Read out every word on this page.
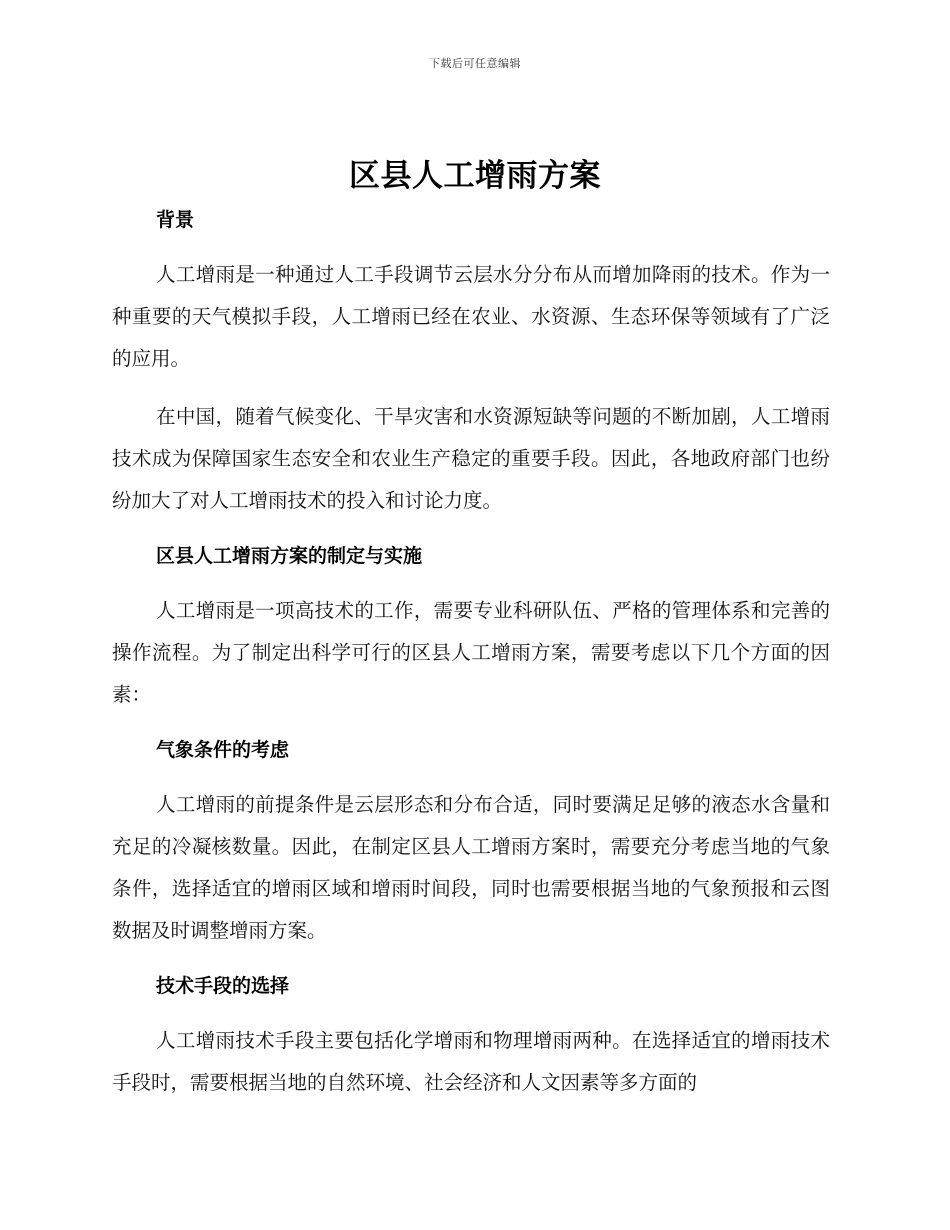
下载后可任意编辑
区县人工增雨方案
背景

人工增雨是一种通过人工手段调节云层水分分布从而增加降雨的技术。作为一种重要的天气模拟手段，人工增雨已经在农业、水资源、生态环保等领域有了广泛的应用。

在中国，随着气候变化、干旱灾害和水资源短缺等问题的不断加剧，人工增雨技术成为保障国家生态安全和农业生产稳定的重要手段。因此，各地政府部门也纷纷加大了对人工增雨技术的投入和讨论力度。

区县人工增雨方案的制定与实施

人工增雨是一项高技术的工作，需要专业科研队伍、严格的管理体系和完善的操作流程。为了制定出科学可行的区县人工增雨方案，需要考虑以下几个方面的因素：

气象条件的考虑

人工增雨的前提条件是云层形态和分布合适，同时要满足足够的液态水含量和充足的冷凝核数量。因此，在制定区县人工增雨方案时，需要充分考虑当地的气象条件，选择适宜的增雨区域和增雨时间段，同时也需要根据当地的气象预报和云图数据及时调整增雨方案。

技术手段的选择

人工增雨技术手段主要包括化学增雨和物理增雨两种。在选择适宜的增雨技术手段时，需要根据当地的自然环境、社会经济和人文因素等多方面的
